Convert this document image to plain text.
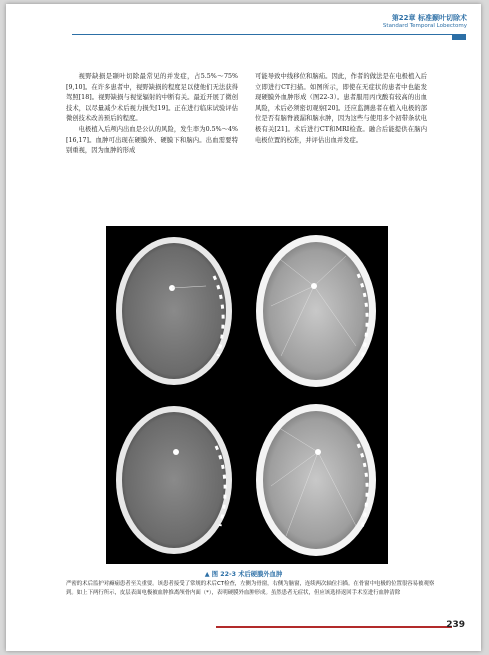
第22章 标准颞叶切除术
Standard Temporal Lobectomy

视野缺损是颞叶切除最常见的并发症，占5.5%～75%[9,10]。在许多患者中，视野缺损的程度足以使他们无法获得驾照[18]。视野缺损与视觉辐射的中断有关。最近开展了微创技术，以尽量减少术后视力损失[19]。正在进行临床试验评估微创技术改善预后的程度。

电极植入后颅内出血是公认的风险，发生率为0.5%～4%[16,17]。血肿可出现在硬膜外、硬膜下和脑内。出血需要特别重视，因为血肿的形成

可能导致中线移位和脑疝。因此，作者的做法是在电极植入后立即进行CT扫描。如图所示，即使在无症状的患者中也能发现硬膜外血肿形成（图22-3）。患者服用丙戊酸有较高的出血风险，术后必须密切观察[20]。还应监测患者在植入电极的部位是否有脑脊液漏和脑水肿，因为这些与使用多个初带条状电极有关[21]。术后进行CT和MRI检查。融合后能提供在脑内电极位置的校准，并评估出血并发症。

▲ 图 22-3 术后硬膜外血肿
严密的术后监护对癫痫患者至关重要。该患者接受了常规的术后CT检查，左侧为骨窗，右侧为脑窗，连续两次轴位扫描。在骨窗中电极的位置很容易被观察到。如上下两行所示，皮层表面电极被血肿推离颅骨内面（*），表明硬膜外血肿形成。虽然患者无症状，但应该选择返回手术室进行血肿清除
239
